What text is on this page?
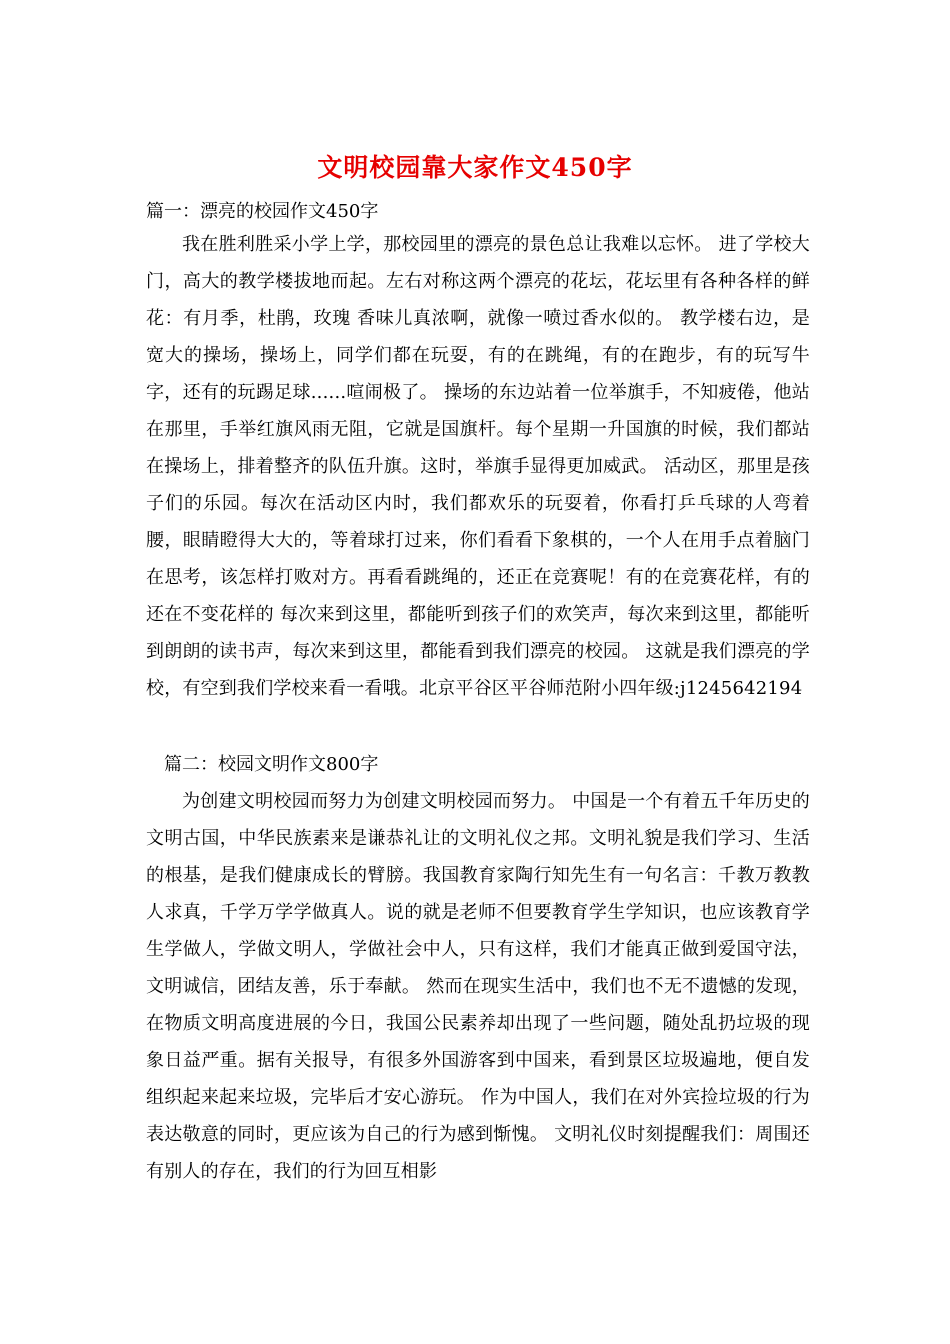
文明校园靠大家作文450字

篇一：漂亮的校园作文450字

我在胜利胜采小学上学，那校园里的漂亮的景色总让我难以忘怀。 进了学校大门，高大的教学楼拔地而起。左右对称这两个漂亮的花坛，花坛里有各种各样的鲜花：有月季，杜鹃，玫瑰 香味儿真浓啊，就像一喷过香水似的。 教学楼右边，是宽大的操场，操场上，同学们都在玩耍，有的在跳绳，有的在跑步，有的玩写牛字，还有的玩踢足球......喧闹极了。 操场的东边站着一位举旗手，不知疲倦，他站在那里，手举红旗风雨无阻，它就是国旗杆。每个星期一升国旗的时候，我们都站在操场上，排着整齐的队伍升旗。这时，举旗手显得更加威武。 活动区，那里是孩子们的乐园。每次在活动区内时，我们都欢乐的玩耍着，你看打乒乓球的人弯着腰，眼睛瞪得大大的，等着球打过来，你们看看下象棋的，一个人在用手点着脑门在思考，该怎样打败对方。再看看跳绳的，还正在竞赛呢！有的在竞赛花样，有的还在不变花样的 每次来到这里，都能听到孩子们的欢笑声，每次来到这里，都能听到朗朗的读书声，每次来到这里，都能看到我们漂亮的校园。 这就是我们漂亮的学校，有空到我们学校来看一看哦。北京平谷区平谷师范附小四年级:j1245642194

篇二：校园文明作文800字

为创建文明校园而努力为创建文明校园而努力。 中国是一个有着五千年历史的文明古国，中华民族素来是谦恭礼让的文明礼仪之邦。文明礼貌是我们学习、生活的根基，是我们健康成长的臂膀。我国教育家陶行知先生有一句名言：千教万教教人求真，千学万学学做真人。说的就是老师不但要教育学生学知识，也应该教育学生学做人，学做文明人，学做社会中人，只有这样，我们才能真正做到爱国守法，文明诚信，团结友善，乐于奉献。 然而在现实生活中，我们也不无不遗憾的发现，在物质文明高度进展的今日，我国公民素养却出现了一些问题，随处乱扔垃圾的现象日益严重。据有关报导，有很多外国游客到中国来，看到景区垃圾遍地，便自发组织起来起来垃圾，完毕后才安心游玩。 作为中国人，我们在对外宾捡垃圾的行为表达敬意的同时，更应该为自己的行为感到惭愧。 文明礼仪时刻提醒我们：周围还有别人的存在，我们的行为回互相影
